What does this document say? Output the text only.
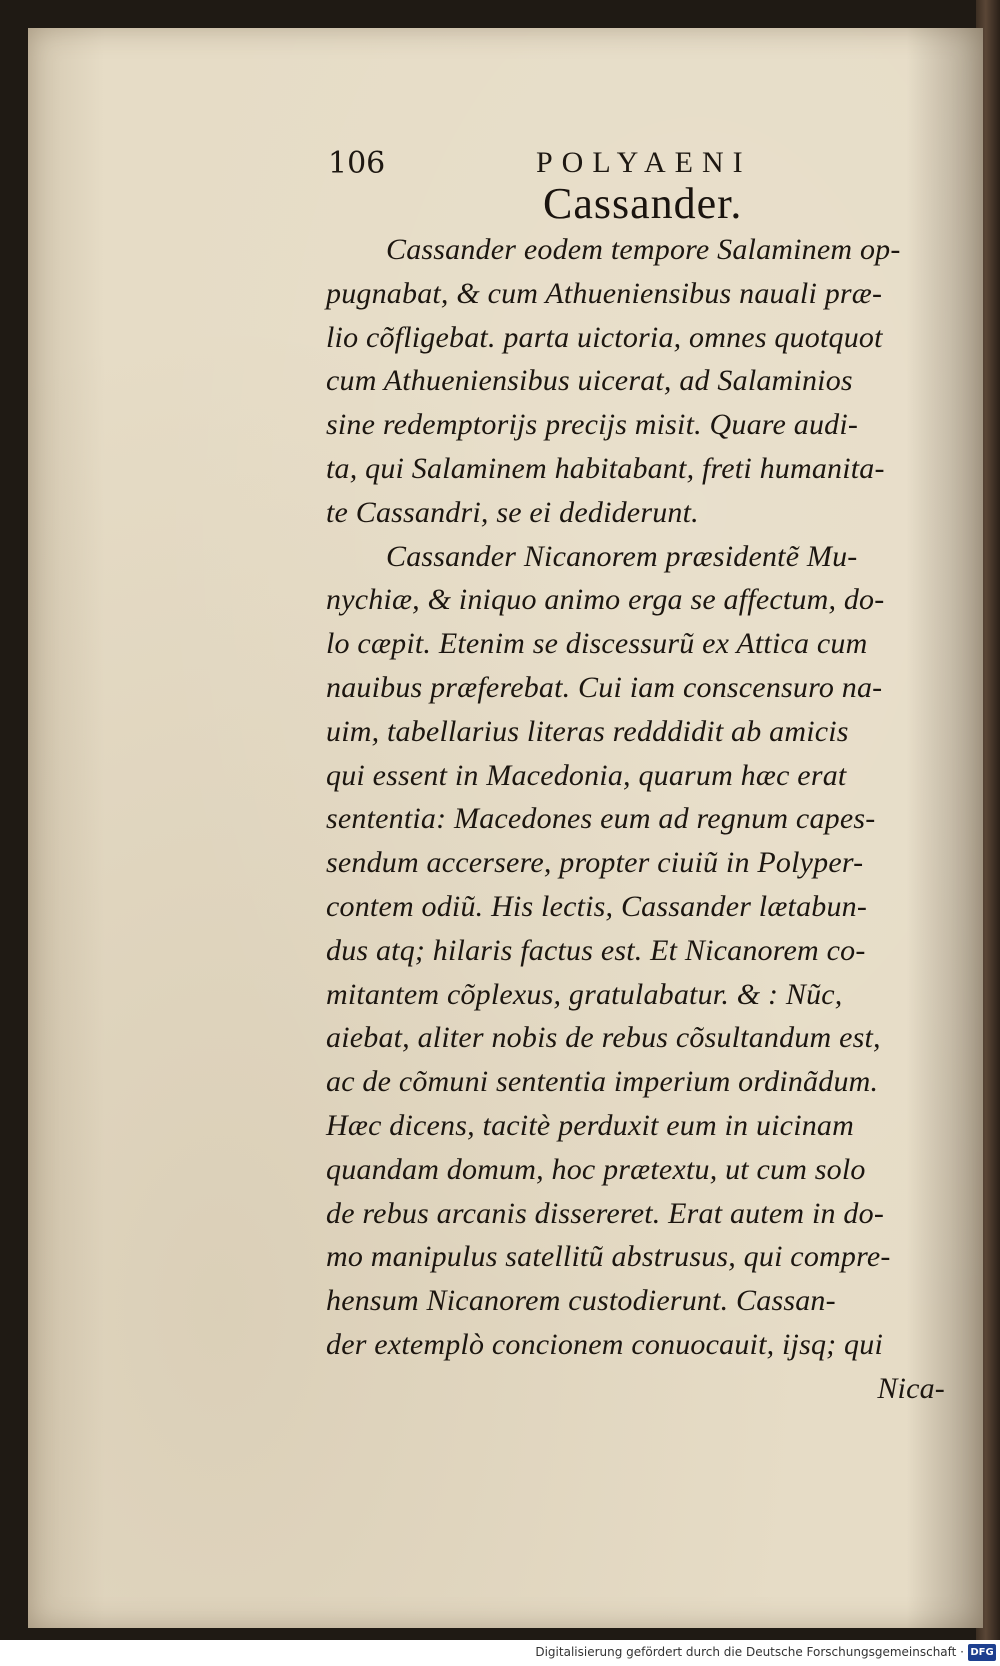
106	POLYAENI
Cassander.
Cassander eodem tempore Salaminem op-
pugnabat, & cum Athueniensibus nauali præ-
lio cõfligebat. parta uictoria, omnes quotquot
cum Athueniensibus uicerat, ad Salaminios
sine redemptorijs precijs misit. Quare audi-
ta, qui Salaminem habitabant, freti humanita-
te Cassandri, se ei dediderunt.
Cassander Nicanorem præsidentẽ Mu-
nychiæ, & iniquo animo erga se affectum, do-
lo cæpit. Etenim se discessurũ ex Attica cum
nauibus præferebat. Cui iam conscensuro na-
uim, tabellarius literas redddidit ab amicis
qui essent in Macedonia, quarum hæc erat
sententia: Macedones eum ad regnum capes-
sendum accersere, propter ciuiũ in Polyper-
contem odiũ. His lectis, Cassander lætabun-
dus atq; hilaris factus est. Et Nicanorem co-
mitantem cõplexus, gratulabatur. & : Nũc,
aiebat, aliter nobis de rebus cõsultandum est,
ac de cõmuni sententia imperium ordinãdum.
Hæc dicens, tacitè perduxit eum in uicinam
quandam domum, hoc prætextu, ut cum solo
de rebus arcanis dissereret. Erat autem in do-
mo manipulus satellitũ abstrusus, qui compre-
hensum Nicanorem custodierunt. Cassan-
der extemplò concionem conuocauit, ijsq; qui
Nica-
Digitalisierung gefördert durch die Deutsche Forschungsgemeinschaft · DFG
